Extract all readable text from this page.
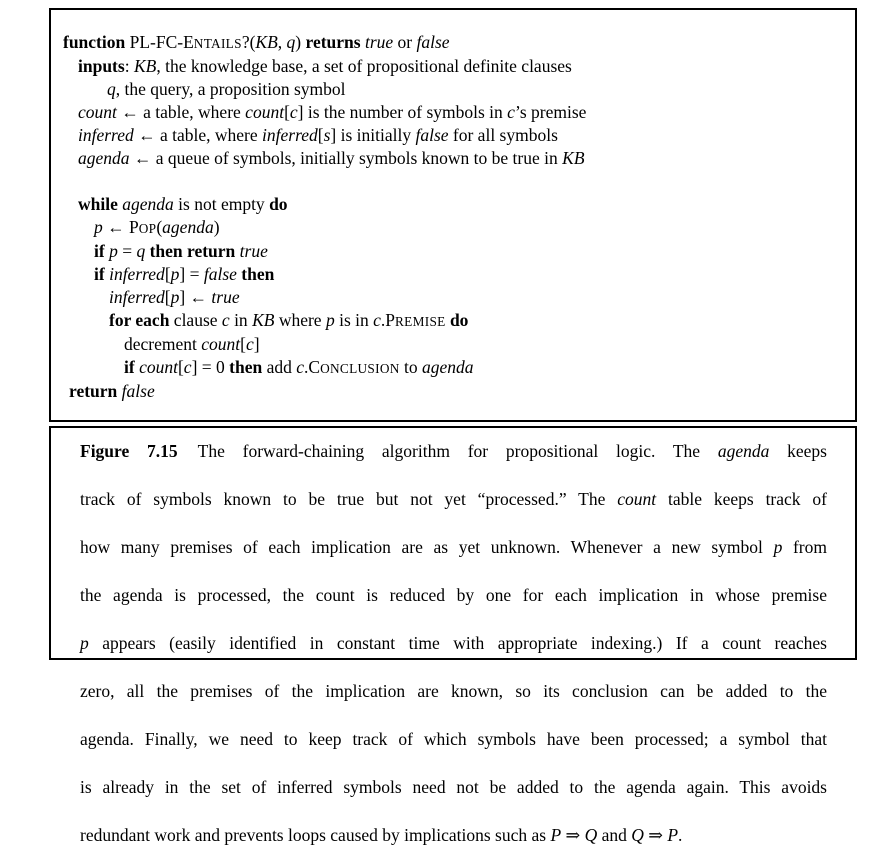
function PL-FC-ENTAILS?(KB, q) returns true or false
inputs: KB, the knowledge base, a set of propositional definite clauses
q, the query, a proposition symbol
count ← a table, where count[c] is the number of symbols in c’s premise
inferred ← a table, where inferred[s] is initially false for all symbols
agenda ← a queue of symbols, initially symbols known to be true in KB
while agenda is not empty do
p ← POP(agenda)
if p = q then return true
if inferred[p] = false then
inferred[p] ← true
for each clause c in KB where p is in c.PREMISE do
decrement count[c]
if count[c] = 0 then add c.CONCLUSION to agenda
return false
Figure 7.15 The forward-chaining algorithm for propositional logic. The agenda keeps
track of symbols known to be true but not yet “processed.” The count table keeps track of
how many premises of each implication are as yet unknown. Whenever a new symbol p from
the agenda is processed, the count is reduced by one for each implication in whose premise
p appears (easily identified in constant time with appropriate indexing.) If a count reaches
zero, all the premises of the implication are known, so its conclusion can be added to the
agenda. Finally, we need to keep track of which symbols have been processed; a symbol that
is already in the set of inferred symbols need not be added to the agenda again. This avoids
redundant work and prevents loops caused by implications such as P ⇒ Q and Q ⇒ P.
